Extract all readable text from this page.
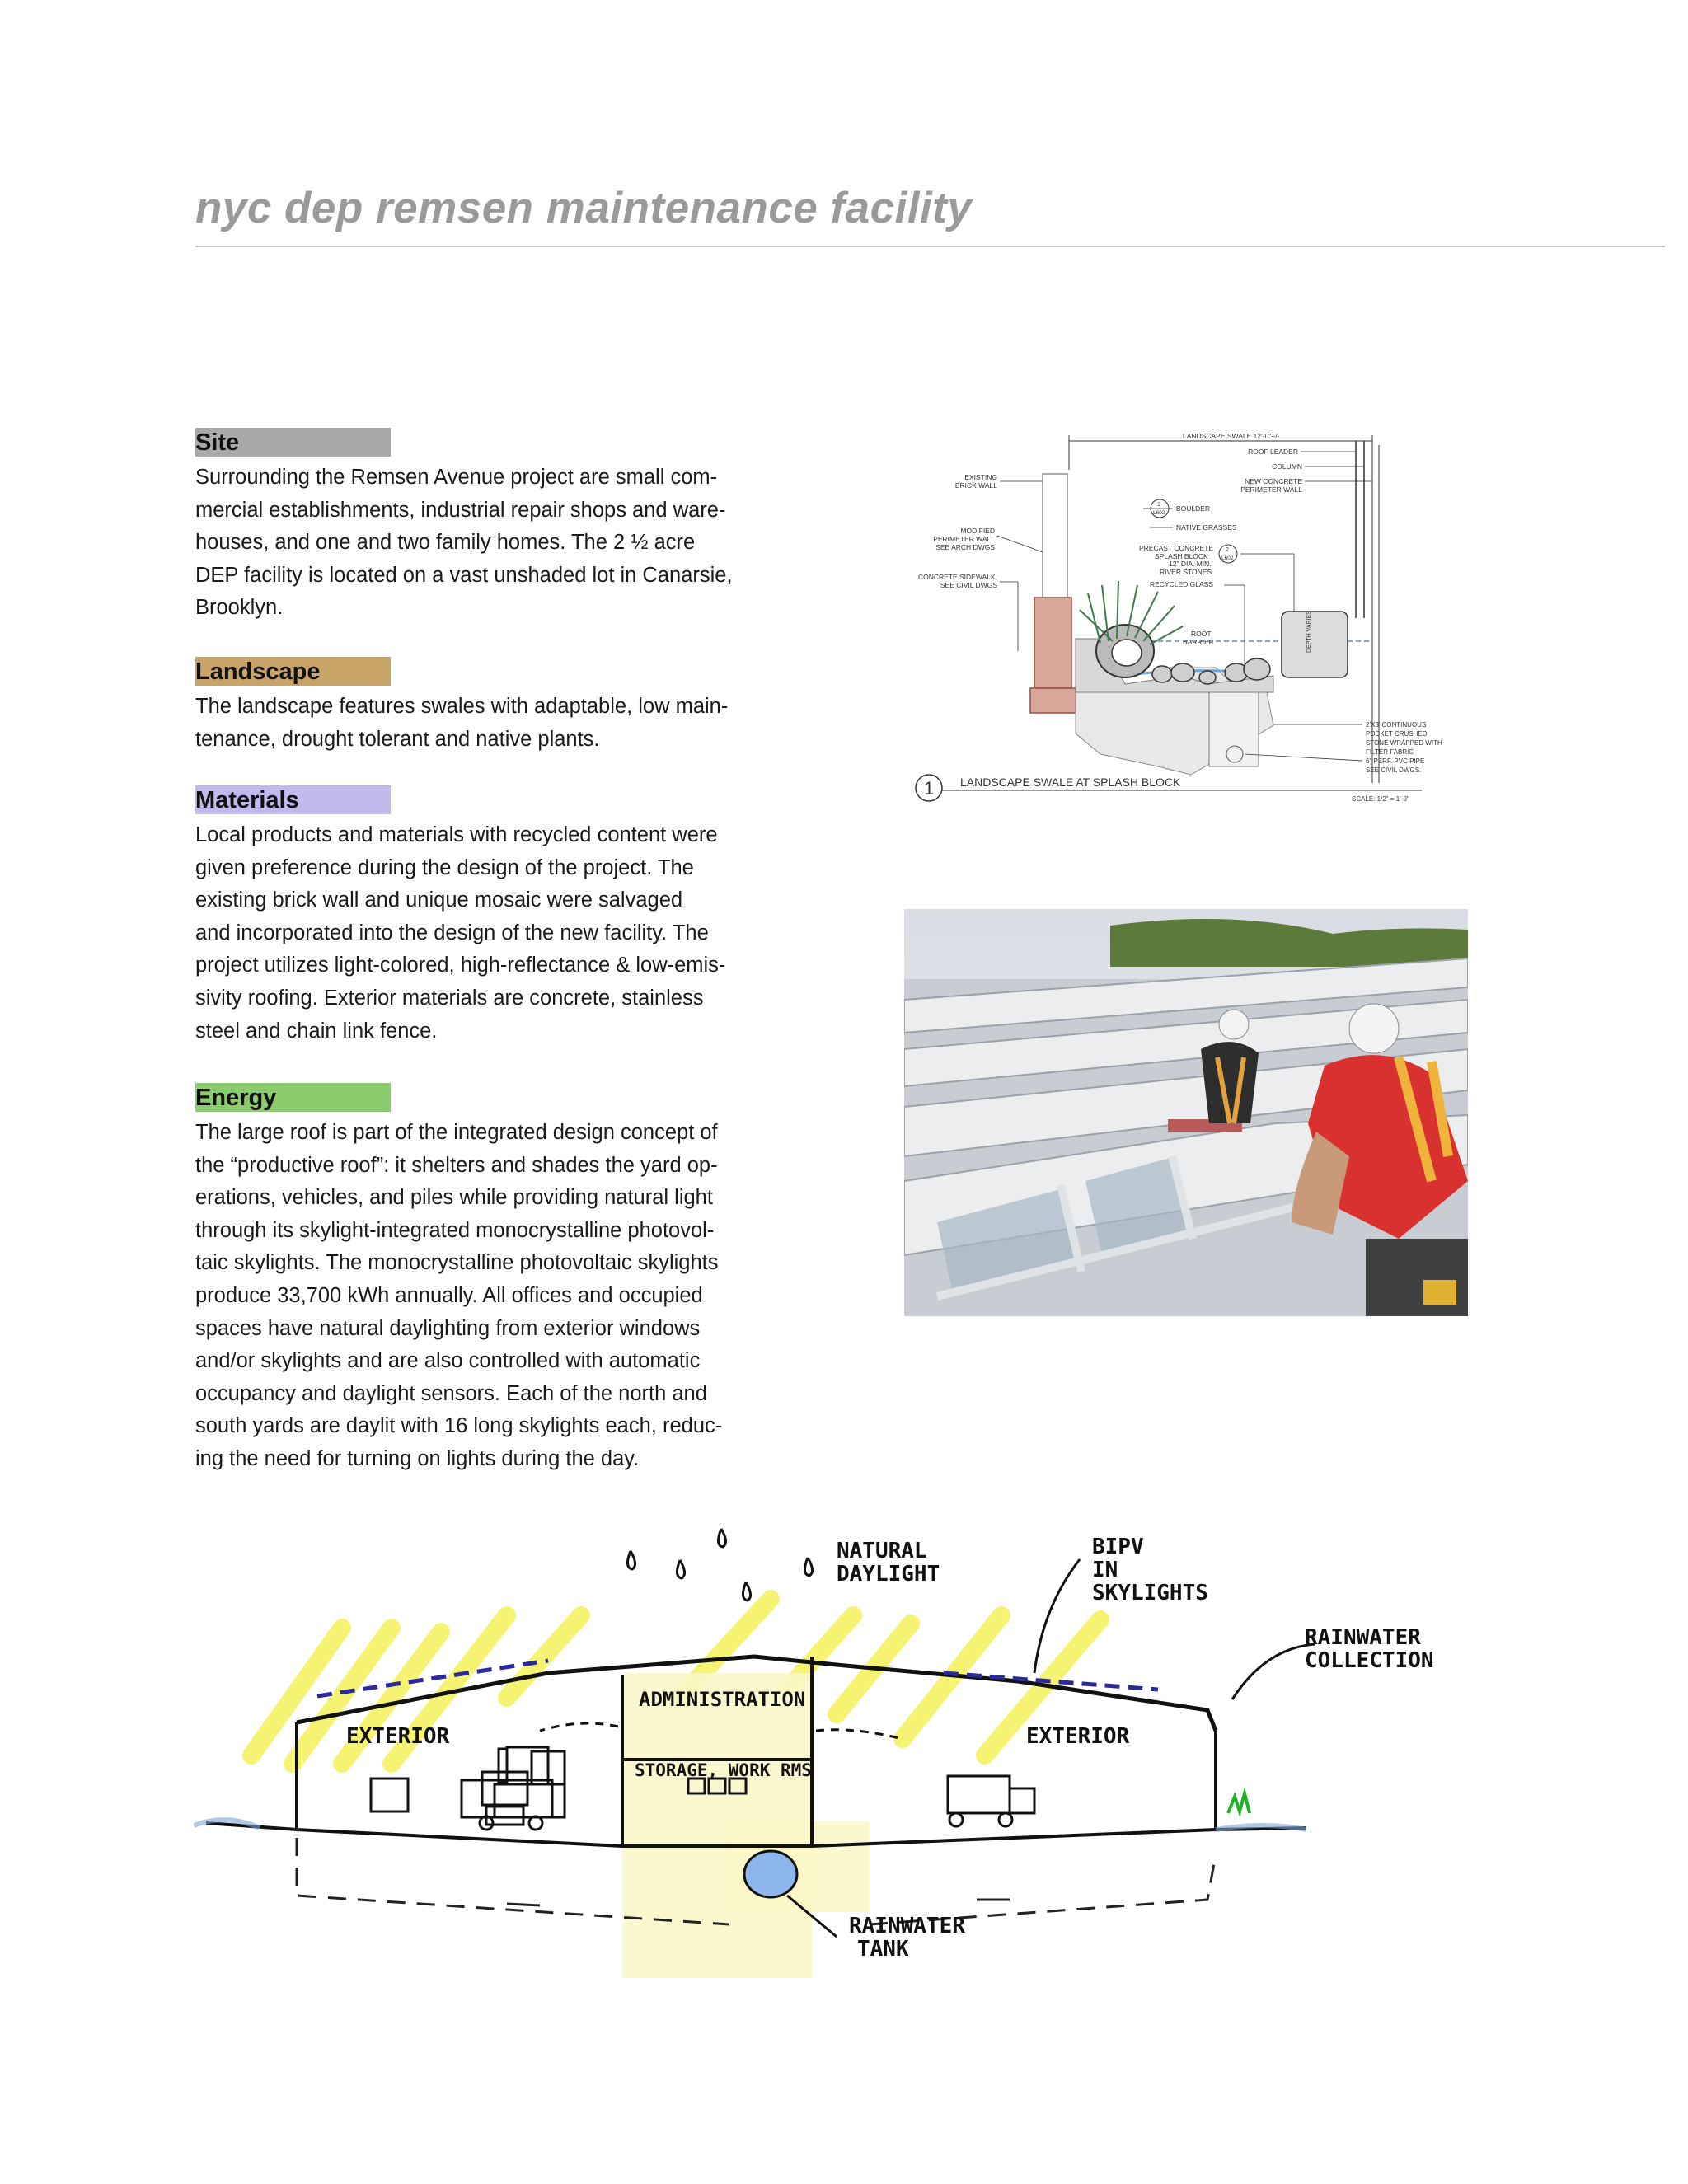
nyc dep remsen maintenance facility
Site
Surrounding the Remsen Avenue project are small com-
mercial establishments, industrial repair shops and ware-
houses, and one and two family homes. The 2 ½ acre
DEP facility is located on a vast unshaded lot in Canarsie,
Brooklyn.
Landscape
The landscape features swales with adaptable, low main-
tenance, drought tolerant and native plants.
Materials
Local products and materials with recycled content were
given preference during the design of the project. The
existing brick wall and unique mosaic were salvaged
and incorporated into the design of the new facility. The
project utilizes light-colored, high-reflectance & low-emis-
sivity roofing. Exterior materials are concrete, stainless
steel and chain link fence.
Energy
The large roof is part of the integrated design concept of
the “productive roof”: it shelters and shades the yard op-
erations, vehicles, and piles while providing natural light
through its skylight-integrated monocrystalline photovol-
taic skylights. The monocrystalline photovoltaic skylights
produce 33,700 kWh annually. All offices and occupied
spaces have natural daylighting from exterior windows
and/or skylights and are also controlled with automatic
occupancy and daylight sensors. Each of the north and
south yards are daylit with 16 long skylights each, reduc-
ing the need for turning on lights during the day.
LANDSCAPE SWALE 12'-0"+/-
DEPTH VARIES
1
L602
2
L602
EXISTING
BRICK WALL
MODIFIED
PERIMETER WALL
SEE ARCH DWGS
CONCRETE SIDEWALK,
SEE CIVIL DWGS
BOULDER
NATIVE GRASSES
PRECAST CONCRETE
SPLASH BLOCK
12" DIA. MIN.
RIVER STONES
RECYCLED GLASS
ROOT
BARRIER
ROOF LEADER
COLUMN
NEW CONCRETE
PERIMETER WALL
2'X3' CONTINUOUS
POCKET CRUSHED
STONE WRAPPED WITH
FILTER FABRIC
6" PERF. PVC PIPE
SEE CIVIL DWGS.
1 LANDSCAPE SWALE AT SPLASH BLOCK
SCALE: 1/2" = 1'-0"
NATURAL
DAYLIGHT
BIPV
IN
SKYLIGHTS
RAINWATER
COLLECTION
ADMINISTRATION
STORAGE, WORK RMS
EXTERIOR	EXTERIOR
RAINWATER
TANK
